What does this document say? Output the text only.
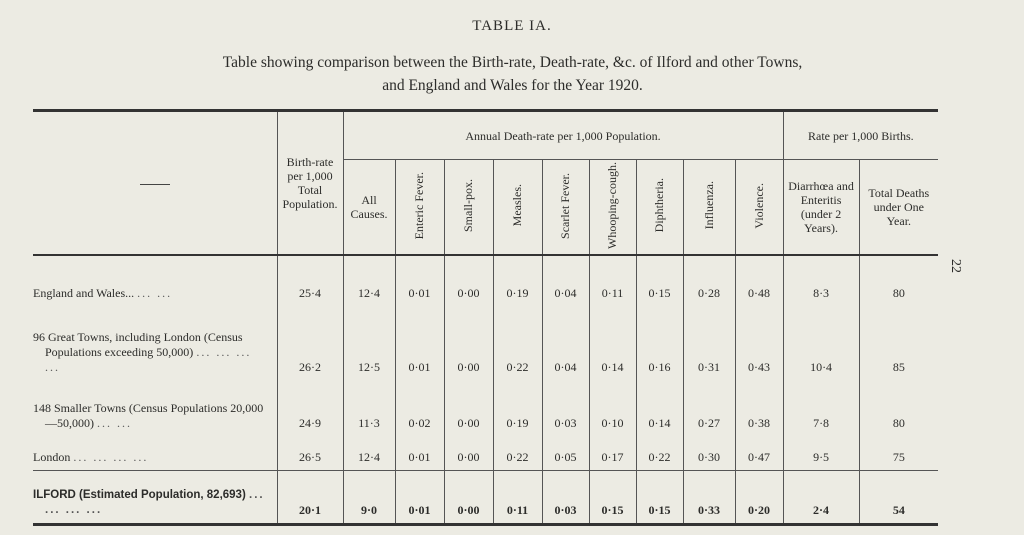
TABLE IA.
Table showing comparison between the Birth-rate, Death-rate, &c. of Ilford and other Towns,
and England and Wales for the Year 1920.
22
	Birth-rate per 1,000 Total Population.	Annual Death-rate per 1,000 Population.									Rate per 1,000 Births.	
		All Causes.	Enteric Fever.	Small-pox.	Measles.	Scarlet Fever.	Whooping-cough.	Diphtheria.	Influenza.	Violence.	Diarrhœa and Enteritis (under 2 Years).	Total Deaths under One Year.
England and Wales... ... ...	25·4	12·4	0·01	0·00	0·19	0·04	0·11	0·15	0·28	0·48	8·3	80

96 Great Towns, including London (Census Populations exceeding 50,000) ... ... ... ...	26·2	12·5	0·01	0·00	0·22	0·04	0·14	0·16	0·31	0·43	10·4	85

148 Smaller Towns (Census Populations 20,000—50,000) ... ...	24·9	11·3	0·02	0·00	0·19	0·03	0·10	0·14	0·27	0·38	7·8	80
London ... ... ... ...	26·5	12·4	0·01	0·00	0·22	0·05	0·17	0·22	0·30	0·47	9·5	75

ILFORD (Estimated Population, 82,693) ... ... ... ...	20·1	9·0	0·01	0·00	0·11	0·03	0·15	0·15	0·33	0·20	2·4	54
